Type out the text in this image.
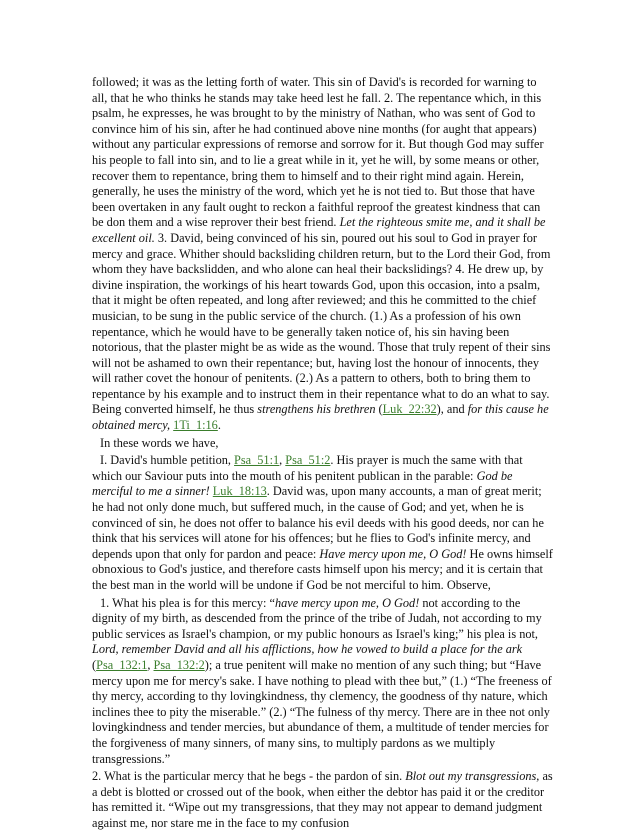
followed; it was as the letting forth of water. This sin of David's is recorded for warning to all, that he who thinks he stands may take heed lest he fall. 2. The repentance which, in this psalm, he expresses, he was brought to by the ministry of Nathan, who was sent of God to convince him of his sin, after he had continued above nine months (for aught that appears) without any particular expressions of remorse and sorrow for it. But though God may suffer his people to fall into sin, and to lie a great while in it, yet he will, by some means or other, recover them to repentance, bring them to himself and to their right mind again. Herein, generally, he uses the ministry of the word, which yet he is not tied to. But those that have been overtaken in any fault ought to reckon a faithful reproof the greatest kindness that can be don them and a wise reprover their best friend. Let the righteous smite me, and it shall be excellent oil. 3. David, being convinced of his sin, poured out his soul to God in prayer for mercy and grace. Whither should backsliding children return, but to the Lord their God, from whom they have backslidden, and who alone can heal their backslidings? 4. He drew up, by divine inspiration, the workings of his heart towards God, upon this occasion, into a psalm, that it might be often repeated, and long after reviewed; and this he committed to the chief musician, to be sung in the public service of the church. (1.) As a profession of his own repentance, which he would have to be generally taken notice of, his sin having been notorious, that the plaster might be as wide as the wound. Those that truly repent of their sins will not be ashamed to own their repentance; but, having lost the honour of innocents, they will rather covet the honour of penitents. (2.) As a pattern to others, both to bring them to repentance by his example and to instruct them in their repentance what to do an what to say. Being converted himself, he thus strengthens his brethren (Luk_22:32), and for this cause he obtained mercy, 1Ti_1:16.

In these words we have,

I. David's humble petition, Psa_51:1, Psa_51:2. His prayer is much the same with that which our Saviour puts into the mouth of his penitent publican in the parable: God be merciful to me a sinner! Luk_18:13. David was, upon many accounts, a man of great merit; he had not only done much, but suffered much, in the cause of God; and yet, when he is convinced of sin, he does not offer to balance his evil deeds with his good deeds, nor can he think that his services will atone for his offences; but he flies to God's infinite mercy, and depends upon that only for pardon and peace: Have mercy upon me, O God! He owns himself obnoxious to God's justice, and therefore casts himself upon his mercy; and it is certain that the best man in the world will be undone if God be not merciful to him. Observe,

1. What his plea is for this mercy: “have mercy upon me, O God! not according to the dignity of my birth, as descended from the prince of the tribe of Judah, not according to my public services as Israel's champion, or my public honours as Israel's king;” his plea is not, Lord, remember David and all his afflictions, how he vowed to build a place for the ark (Psa_132:1, Psa_132:2); a true penitent will make no mention of any such thing; but “Have mercy upon me for mercy's sake. I have nothing to plead with thee but,” (1.) “The freeness of thy mercy, according to thy lovingkindness, thy clemency, the goodness of thy nature, which inclines thee to pity the miserable.” (2.) “The fulness of thy mercy. There are in thee not only lovingkindness and tender mercies, but abundance of them, a multitude of tender mercies for the forgiveness of many sinners, of many sins, to multiply pardons as we multiply transgressions.”

2. What is the particular mercy that he begs - the pardon of sin. Blot out my transgressions, as a debt is blotted or crossed out of the book, when either the debtor has paid it or the creditor has remitted it. “Wipe out my transgressions, that they may not appear to demand judgment against me, nor stare me in the face to my confusion
